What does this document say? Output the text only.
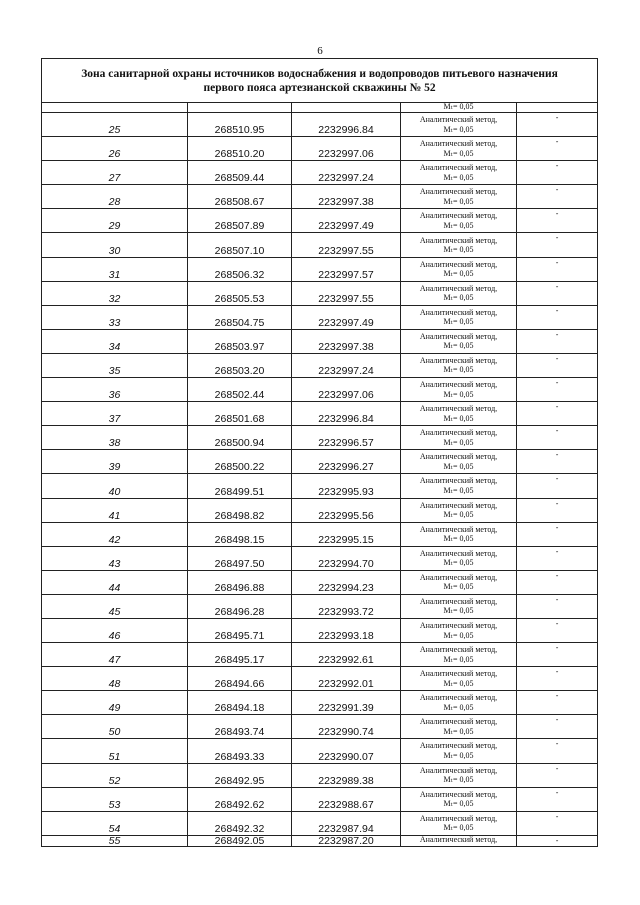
6
Зона санитарной охраны источников водоснабжения и водопроводов питьевого назначения
первого пояса артезианской скважины № 52				

			Mₜ= 0,05	

25	268510.95	2232996.84	Аналитический метод,
Mₜ= 0,05	-
26	268510.20	2232997.06	Аналитический метод,
Mₜ= 0,05	-
27	268509.44	2232997.24	Аналитический метод,
Mₜ= 0,05	-
28	268508.67	2232997.38	Аналитический метод,
Mₜ= 0,05	-
29	268507.89	2232997.49	Аналитический метод,
Mₜ= 0,05	-
30	268507.10	2232997.55	Аналитический метод,
Mₜ= 0,05	-
31	268506.32	2232997.57	Аналитический метод,
Mₜ= 0,05	-
32	268505.53	2232997.55	Аналитический метод,
Mₜ= 0,05	-
33	268504.75	2232997.49	Аналитический метод,
Mₜ= 0,05	-
34	268503.97	2232997.38	Аналитический метод,
Mₜ= 0,05	-
35	268503.20	2232997.24	Аналитический метод,
Mₜ= 0,05	-
36	268502.44	2232997.06	Аналитический метод,
Mₜ= 0,05	-
37	268501.68	2232996.84	Аналитический метод,
Mₜ= 0,05	-
38	268500.94	2232996.57	Аналитический метод,
Mₜ= 0,05	-
39	268500.22	2232996.27	Аналитический метод,
Mₜ= 0,05	-
40	268499.51	2232995.93	Аналитический метод,
Mₜ= 0,05	-
41	268498.82	2232995.56	Аналитический метод,
Mₜ= 0,05	-
42	268498.15	2232995.15	Аналитический метод,
Mₜ= 0,05	-
43	268497.50	2232994.70	Аналитический метод,
Mₜ= 0,05	-
44	268496.88	2232994.23	Аналитический метод,
Mₜ= 0,05	-
45	268496.28	2232993.72	Аналитический метод,
Mₜ= 0,05	-
46	268495.71	2232993.18	Аналитический метод,
Mₜ= 0,05	-
47	268495.17	2232992.61	Аналитический метод,
Mₜ= 0,05	-
48	268494.66	2232992.01	Аналитический метод,
Mₜ= 0,05	-
49	268494.18	2232991.39	Аналитический метод,
Mₜ= 0,05	-
50	268493.74	2232990.74	Аналитический метод,
Mₜ= 0,05	-
51	268493.33	2232990.07	Аналитический метод,
Mₜ= 0,05	-
52	268492.95	2232989.38	Аналитический метод,
Mₜ= 0,05	-
53	268492.62	2232988.67	Аналитический метод,
Mₜ= 0,05	-
54	268492.32	2232987.94	Аналитический метод,
Mₜ= 0,05	-
55	268492.05	2232987.20	Аналитический метод,	-
